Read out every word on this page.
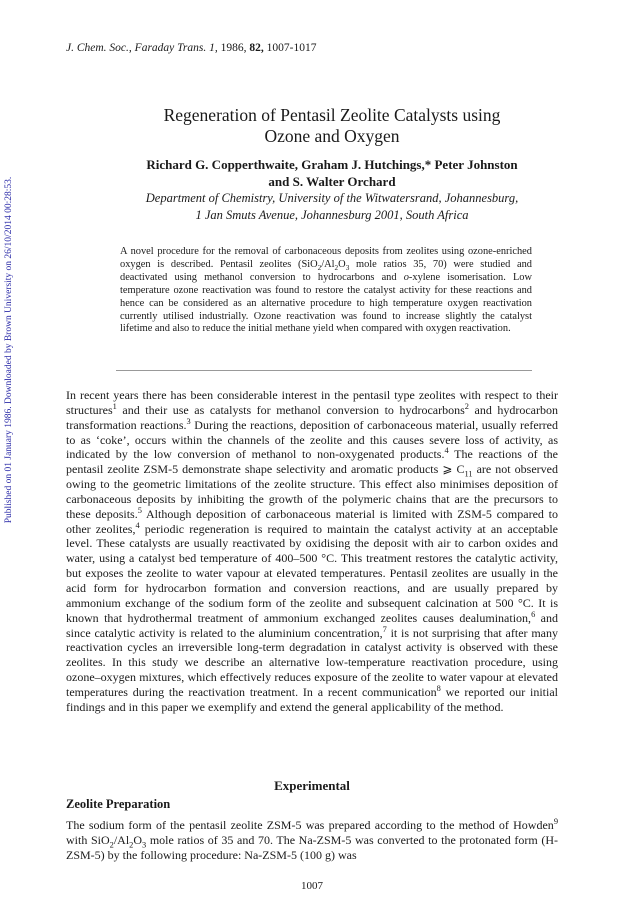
Published on 01 January 1986. Downloaded by Brown University on 26/10/2014 00:28:53.
J. Chem. Soc., Faraday Trans. 1, 1986, 82, 1007-1017
Regeneration of Pentasil Zeolite Catalysts using
Ozone and Oxygen
Richard G. Copperthwaite, Graham J. Hutchings,* Peter Johnston
and S. Walter Orchard
Department of Chemistry, University of the Witwatersrand, Johannesburg,
1 Jan Smuts Avenue, Johannesburg 2001, South Africa

A novel procedure for the removal of carbonaceous deposits from zeolites using ozone-enriched oxygen is described. Pentasil zeolites ($SiO_2/Al_2O_3$ mole ratios 35, 70) were studied and deactivated using methanol conversion to hydrocarbons and o-xylene isomerisation. Low temperature ozone reactivation was found to restore the catalyst activity for these reactions and hence can be considered as an alternative procedure to high temperature oxygen reactivation currently utilised industrially. Ozone reactivation was found to increase slightly the catalyst lifetime and also to reduce the initial methane yield when compared with oxygen reactivation.

In recent years there has been considerable interest in the pentasil type zeolites with respect to their structures$^1$ and their use as catalysts for methanol conversion to hydrocarbons$^2$ and hydrocarbon transformation reactions.$^3$ During the reactions, deposition of carbonaceous material, usually referred to as ‘coke’, occurs within the channels of the zeolite and this causes severe loss of activity, as indicated by the low conversion of methanol to non-oxygenated products.$^4$ The reactions of the pentasil zeolite ZSM-5 demonstrate shape selectivity and aromatic products ⩾ $C_{11}$ are not observed owing to the geometric limitations of the zeolite structure. This effect also minimises deposition of carbonaceous deposits by inhibiting the growth of the polymeric chains that are the precursors to these deposits.$^5$ Although deposition of carbonaceous material is limited with ZSM-5 compared to other zeolites,$^4$ periodic regeneration is required to maintain the catalyst activity at an acceptable level. These catalysts are usually reactivated by oxidising the deposit with air to carbon oxides and water, using a catalyst bed temperature of 400–500 °C. This treatment restores the catalytic activity, but exposes the zeolite to water vapour at elevated temperatures. Pentasil zeolites are usually in the acid form for hydrocarbon formation and conversion reactions, and are usually prepared by ammonium exchange of the sodium form of the zeolite and subsequent calcination at 500 °C. It is known that hydrothermal treatment of ammonium exchanged zeolites causes dealumination,$^6$ and since catalytic activity is related to the aluminium concentration,$^7$ it is not surprising that after many reactivation cycles an irreversible long-term degradation in catalyst activity is observed with these zeolites. In this study we describe an alternative low-temperature reactivation procedure, using ozone–oxygen mixtures, which effectively reduces exposure of the zeolite to water vapour at elevated temperatures during the reactivation treatment. In a recent communication$^8$ we reported our initial findings and in this paper we exemplify and extend the general applicability of the method.

Experimental
Zeolite Preparation

The sodium form of the pentasil zeolite ZSM-5 was prepared according to the method of Howden$^9$ with $SiO_2/Al_2O_3$ mole ratios of 35 and 70. The Na-ZSM-5 was converted to the protonated form (H-ZSM-5) by the following procedure: Na-ZSM-5 (100 g) was

1007
